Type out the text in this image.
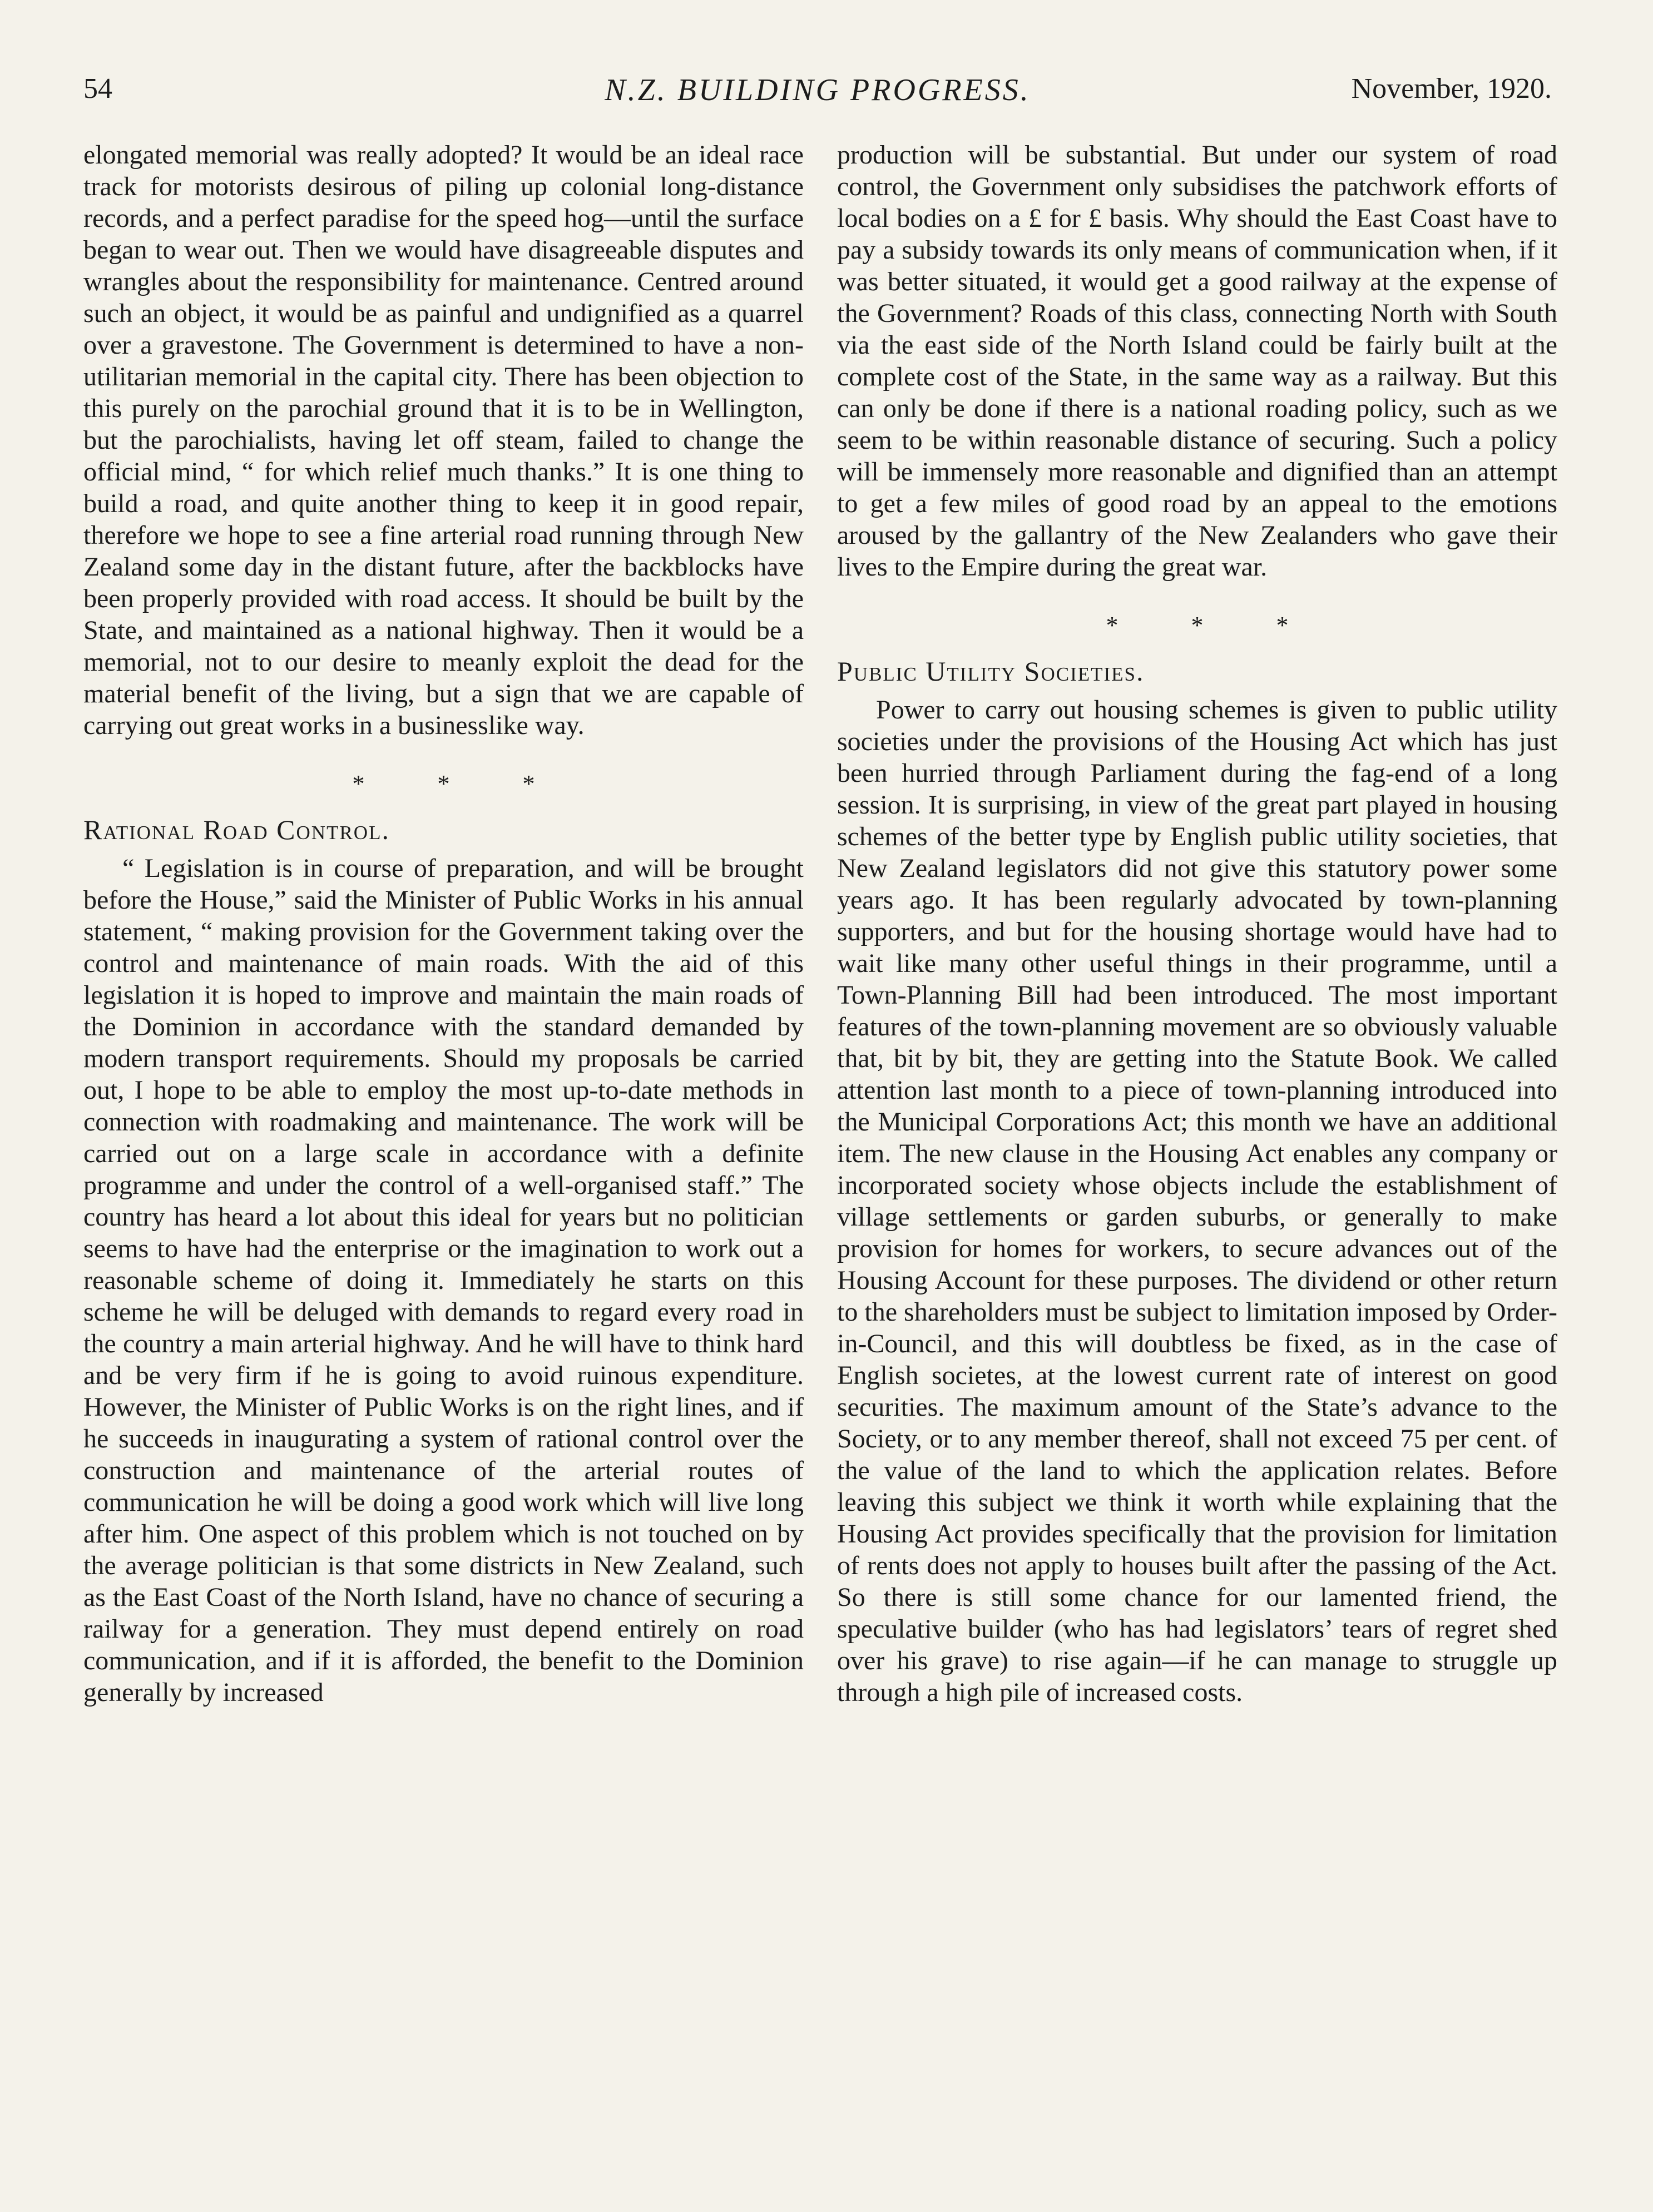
54	N.Z. BUILDING PROGRESS.	November, 1920.

elongated memorial was really adopted? It would be an ideal race track for motorists desirous of piling up colonial long-distance records, and a perfect paradise for the speed hog—until the surface began to wear out. Then we would have disagreeable disputes and wrangles about the responsibility for maintenance. Centred around such an object, it would be as painful and undignified as a quarrel over a gravestone. The Government is determined to have a non-utilitarian memorial in the capital city. There has been objection to this purely on the parochial ground that it is to be in Wellington, but the parochialists, having let off steam, failed to change the official mind, “ for which relief much thanks.” It is one thing to build a road, and quite another thing to keep it in good repair, therefore we hope to see a fine arterial road running through New Zealand some day in the distant future, after the backblocks have been properly provided with road access. It should be built by the State, and maintained as a national highway. Then it would be a memorial, not to our desire to meanly exploit the dead for the material benefit of the living, but a sign that we are capable of carrying out great works in a businesslike way.

* * *
Rational Road Control.

“ Legislation is in course of preparation, and will be brought before the House,” said the Minister of Public Works in his annual statement, “ making provision for the Government taking over the control and maintenance of main roads. With the aid of this legislation it is hoped to improve and maintain the main roads of the Dominion in accordance with the standard demanded by modern transport requirements. Should my proposals be carried out, I hope to be able to employ the most up-to-date methods in connection with roadmaking and maintenance. The work will be carried out on a large scale in accordance with a definite programme and under the control of a well-organised staff.” The country has heard a lot about this ideal for years but no politician seems to have had the enterprise or the imagination to work out a reasonable scheme of doing it. Immediately he starts on this scheme he will be deluged with demands to regard every road in the country a main arterial highway. And he will have to think hard and be very firm if he is going to avoid ruinous expenditure. However, the Minister of Public Works is on the right lines, and if he succeeds in inaugurating a system of rational control over the construction and maintenance of the arterial routes of communication he will be doing a good work which will live long after him. One aspect of this problem which is not touched on by the average politician is that some districts in New Zealand, such as the East Coast of the North Island, have no chance of securing a railway for a generation. They must depend entirely on road communication, and if it is afforded, the benefit to the Dominion generally by increased

production will be substantial. But under our system of road control, the Government only subsidises the patchwork efforts of local bodies on a £ for £ basis. Why should the East Coast have to pay a subsidy towards its only means of communication when, if it was better situated, it would get a good railway at the expense of the Government? Roads of this class, connecting North with South via the east side of the North Island could be fairly built at the complete cost of the State, in the same way as a railway. But this can only be done if there is a national roading policy, such as we seem to be within reasonable distance of securing. Such a policy will be immensely more reasonable and dignified than an attempt to get a few miles of good road by an appeal to the emotions aroused by the gallantry of the New Zealanders who gave their lives to the Empire during the great war.

* * *
Public Utility Societies.

Power to carry out housing schemes is given to public utility societies under the provisions of the Housing Act which has just been hurried through Parliament during the fag-end of a long session. It is surprising, in view of the great part played in housing schemes of the better type by English public utility societies, that New Zealand legislators did not give this statutory power some years ago. It has been regularly advocated by town-planning supporters, and but for the housing shortage would have had to wait like many other useful things in their programme, until a Town-Planning Bill had been introduced. The most important features of the town-planning movement are so obviously valuable that, bit by bit, they are getting into the Statute Book. We called attention last month to a piece of town-planning introduced into the Municipal Corporations Act; this month we have an additional item. The new clause in the Housing Act enables any company or incorporated society whose objects include the establishment of village settlements or garden suburbs, or generally to make provision for homes for workers, to secure advances out of the Housing Account for these purposes. The dividend or other return to the shareholders must be subject to limitation imposed by Order-in-Council, and this will doubtless be fixed, as in the case of English societes, at the lowest current rate of interest on good securities. The maximum amount of the State’s advance to the Society, or to any member thereof, shall not exceed 75 per cent. of the value of the land to which the application relates. Before leaving this subject we think it worth while explaining that the Housing Act provides specifically that the provision for limitation of rents does not apply to houses built after the passing of the Act. So there is still some chance for our lamented friend, the speculative builder (who has had legislators’ tears of regret shed over his grave) to rise again—if he can manage to struggle up through a high pile of increased costs.
